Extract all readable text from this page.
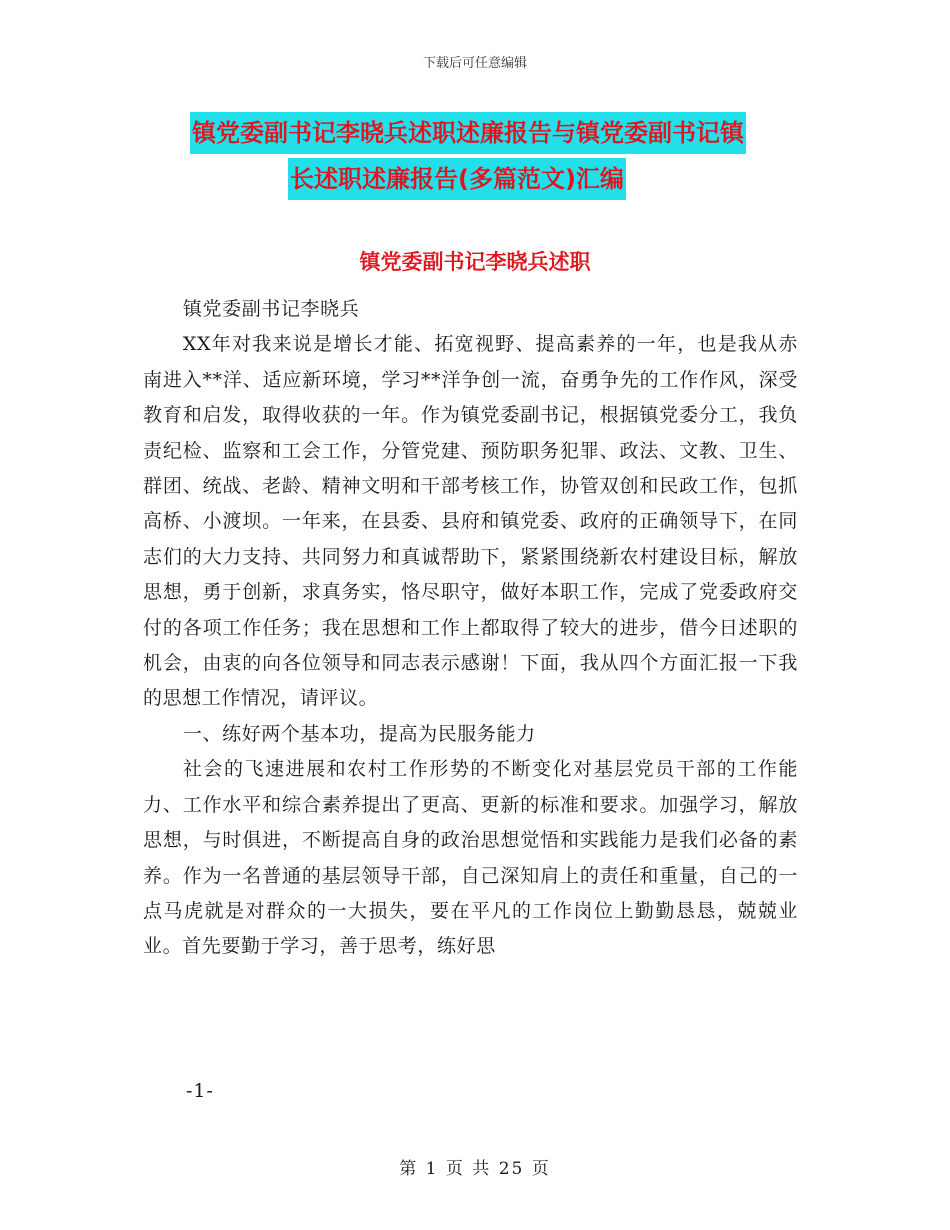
下载后可任意编辑
镇党委副书记李晓兵述职述廉报告与镇党委副书记镇
长述职述廉报告(多篇范文)汇编
镇党委副书记李晓兵述职

镇党委副书记李晓兵

XX年对我来说是增长才能、拓宽视野、提高素养的一年，也是我从赤南进入**洋、适应新环境，学习**洋争创一流，奋勇争先的工作作风，深受教育和启发，取得收获的一年。作为镇党委副书记，根据镇党委分工，我负责纪检、监察和工会工作，分管党建、预防职务犯罪、政法、文教、卫生、群团、统战、老龄、精神文明和干部考核工作，协管双创和民政工作，包抓高桥、小渡坝。一年来，在县委、县府和镇党委、政府的正确领导下，在同志们的大力支持、共同努力和真诚帮助下，紧紧围绕新农村建设目标，解放思想，勇于创新，求真务实，恪尽职守，做好本职工作，完成了党委政府交付的各项工作任务；我在思想和工作上都取得了较大的进步，借今日述职的机会，由衷的向各位领导和同志表示感谢！下面，我从四个方面汇报一下我的思想工作情况，请评议。

一、练好两个基本功，提高为民服务能力

社会的飞速进展和农村工作形势的不断变化对基层党员干部的工作能力、工作水平和综合素养提出了更高、更新的标准和要求。加强学习，解放思想，与时俱进，不断提高自身的政治思想觉悟和实践能力是我们必备的素养。作为一名普通的基层领导干部，自己深知肩上的责任和重量，自己的一点马虎就是对群众的一大损失，要在平凡的工作岗位上勤勤恳恳，兢兢业业。首先要勤于学习，善于思考，练好思

-1-
第 1 页 共 25 页
